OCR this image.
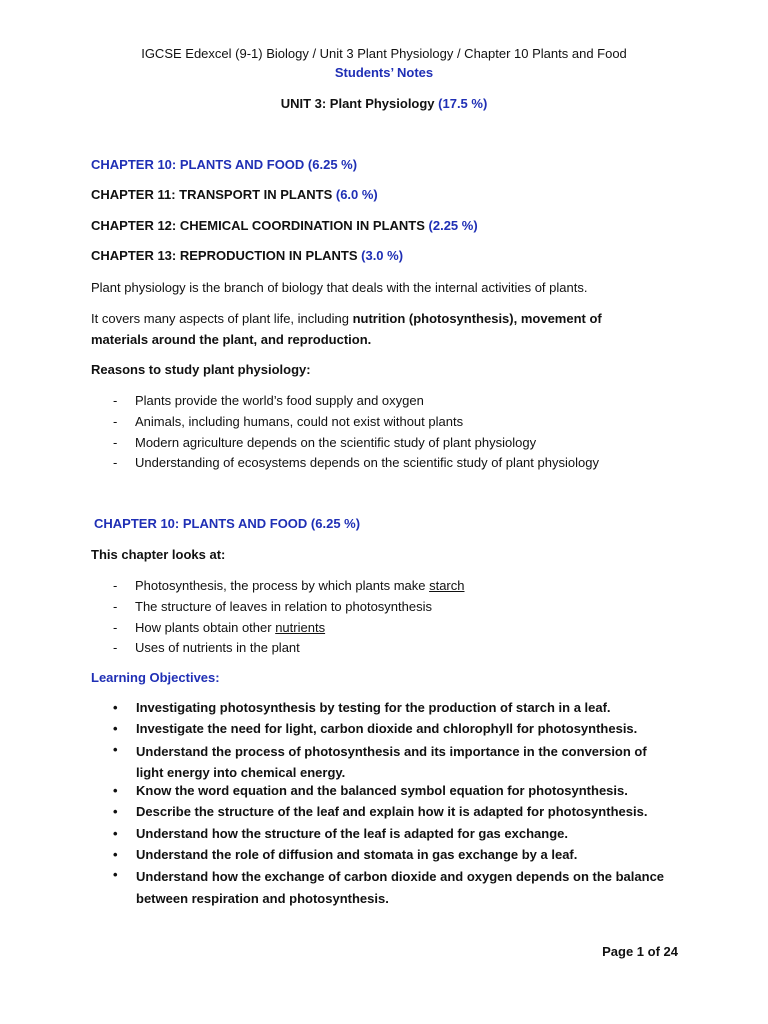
IGCSE Edexcel (9-1) Biology / Unit 3 Plant Physiology / Chapter 10 Plants and Food
Students’ Notes
UNIT 3: Plant Physiology (17.5 %)
CHAPTER 10: PLANTS AND FOOD (6.25 %)
CHAPTER 11: TRANSPORT IN PLANTS (6.0 %)
CHAPTER 12: CHEMICAL COORDINATION IN PLANTS (2.25 %)
CHAPTER 13: REPRODUCTION IN PLANTS (3.0 %)
Plant physiology is the branch of biology that deals with the internal activities of plants.
It covers many aspects of plant life, including nutrition (photosynthesis), movement of
materials around the plant, and reproduction.
Reasons to study plant physiology:
- Plants provide the world’s food supply and oxygen
- Animals, including humans, could not exist without plants
- Modern agriculture depends on the scientific study of plant physiology
- Understanding of ecosystems depends on the scientific study of plant physiology
CHAPTER 10: PLANTS AND FOOD (6.25 %)
This chapter looks at:
- Photosynthesis, the process by which plants make starch
- The structure of leaves in relation to photosynthesis
- How plants obtain other nutrients
- Uses of nutrients in the plant
Learning Objectives:
• Investigating photosynthesis by testing for the production of starch in a leaf.
• Investigate the need for light, carbon dioxide and chlorophyll for photosynthesis.
• Understand the process of photosynthesis and its importance in the conversion of light energy into chemical energy.
• Know the word equation and the balanced symbol equation for photosynthesis.
• Describe the structure of the leaf and explain how it is adapted for photosynthesis.
• Understand how the structure of the leaf is adapted for gas exchange.
• Understand the role of diffusion and stomata in gas exchange by a leaf.
• Understand how the exchange of carbon dioxide and oxygen depends on the balance between respiration and photosynthesis.
Page 1 of 24
